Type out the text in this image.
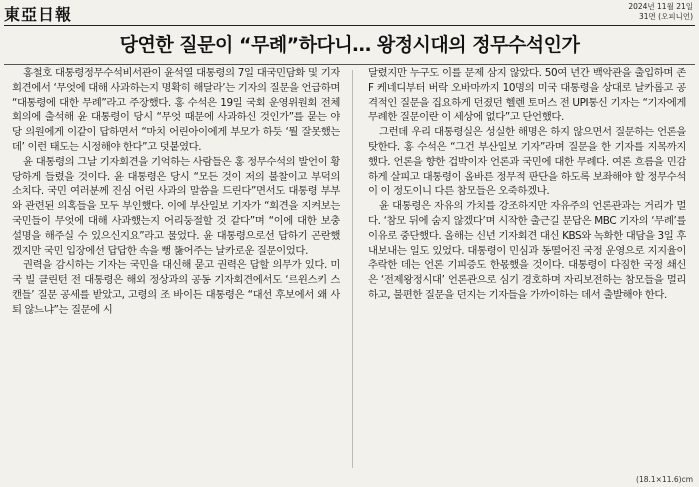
東亞日報	2024년 11월 21일
31면 (오피니언)
당연한 질문이 “무례”하다니… 왕정시대의 정무수석인가

홍철호 대통령정무수석비서관이 윤석열 대통령의 7일 대국민담화 및 기자회견에서 ‘무엇에 대해 사과하는지 명확히 해달라’는 기자의 질문을 언급하며 “대통령에 대한 무례”라고 주장했다. 홍 수석은 19일 국회 운영위원회 전체 회의에 출석해 윤 대통령이 당시 “무엇 때문에 사과하신 것인가”를 묻는 야당 의원에게 이같이 답하면서 “마치 어린아이에게 부모가 하듯 ‘뭘 잘못했는데’ 이런 태도는 시정해야 한다”고 덧붙였다.

윤 대통령의 그날 기자회견을 기억하는 사람들은 홍 정무수석의 발언이 황당하게 들렸을 것이다. 윤 대통령은 당시 “모든 것이 저의 불찰이고 부덕의 소치다. 국민 여러분께 진심 어린 사과의 말씀을 드린다”면서도 대통령 부부와 관련된 의혹들을 모두 부인했다. 이에 부산일보 기자가 “회견을 지켜보는 국민들이 무엇에 대해 사과했는지 어리둥절할 것 같다”며 “이에 대한 보충 설명을 해주실 수 있으신지요”라고 물었다. 윤 대통령으로선 답하기 곤란했겠지만 국민 입장에선 답답한 속을 뻥 뚫어주는 날카로운 질문이었다.

권력을 감시하는 기자는 국민을 대신해 묻고 권력은 답할 의무가 있다. 미국 빌 클린턴 전 대통령은 해외 정상과의 공동 기자회견에서도 ‘르윈스키 스캔들’ 질문 공세를 받았고, 고령의 조 바이든 대통령은 “대선 후보에서 왜 사퇴 않느냐”는 질문에 시

달렸지만 누구도 이를 문제 삼지 않았다. 50여 년간 백악관을 출입하며 존 F 케네디부터 버락 오바마까지 10명의 미국 대통령을 상대로 날카롭고 공격적인 질문을 집요하게 던졌던 헬렌 토머스 전 UPI통신 기자는 “기자에게 무례한 질문이란 이 세상에 없다”고 단언했다.

그런데 우리 대통령실은 성실한 해명은 하지 않으면서 질문하는 언론을 탓한다. 홍 수석은 “그건 부산일보 기자”라며 질문을 한 기자를 지목까지 했다. 언론을 향한 겁박이자 언론과 국민에 대한 무례다. 여론 흐름을 민감하게 살피고 대통령이 올바른 정무적 판단을 하도록 보좌해야 할 정무수석이 이 정도이니 다른 참모들은 오죽하겠나.

윤 대통령은 자유의 가치를 강조하지만 자유주의 언론관과는 거리가 멀다. ‘참모 뒤에 숨지 않겠다’며 시작한 출근길 문답은 MBC 기자의 ‘무례’를 이유로 중단했다. 올해는 신년 기자회견 대신 KBS와 녹화한 대담을 3일 후 내보내는 일도 있었다. 대통령이 민심과 동떨어진 국정 운영으로 지지율이 추락한 데는 언론 기피증도 한몫했을 것이다. 대통령이 다짐한 국정 쇄신은 ‘전제왕정시대’ 언론관으로 심기 경호하며 자리보전하는 참모들을 멀리하고, 불편한 질문을 던지는 기자들을 가까이하는 데서 출발해야 한다.

(18.1×11.6)cm
